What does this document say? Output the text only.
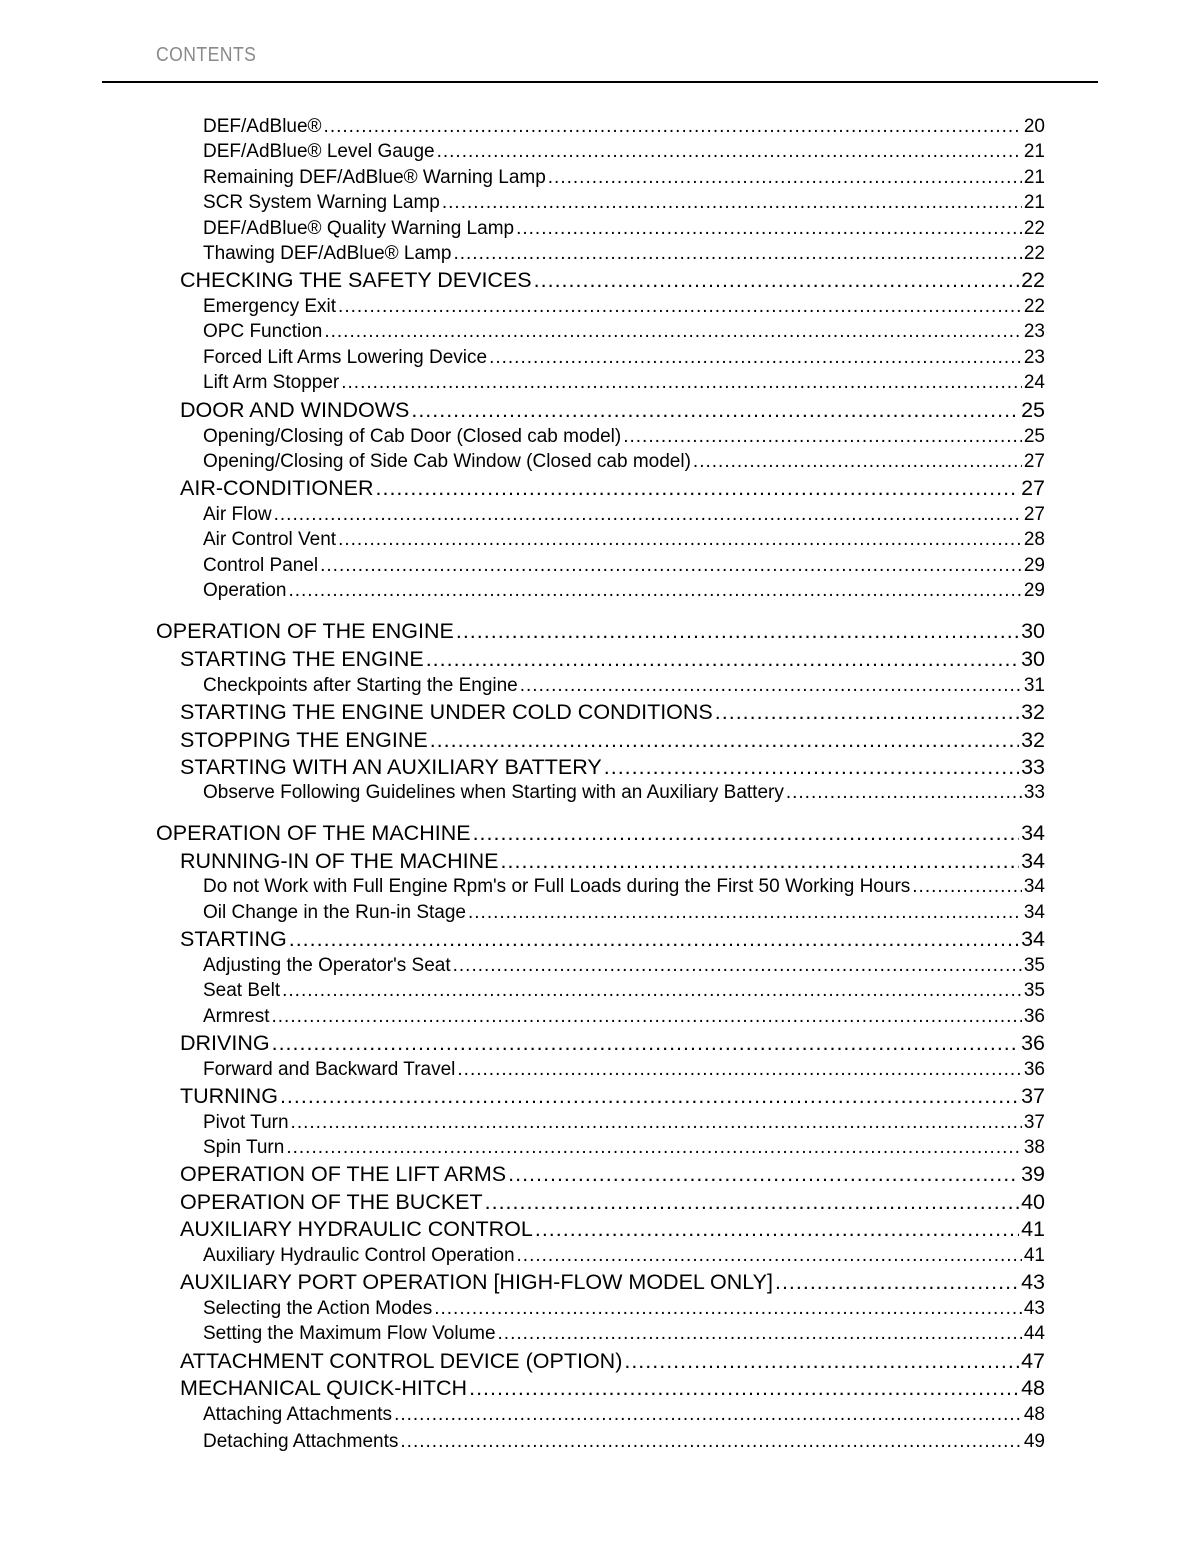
CONTENTS
DEF/AdBlue® .....	20
DEF/AdBlue® Level Gauge .....	21
Remaining DEF/AdBlue® Warning Lamp .....	21
SCR System Warning Lamp .....	21
DEF/AdBlue® Quality Warning Lamp .....	22
Thawing DEF/AdBlue® Lamp .....	22
CHECKING THE SAFETY DEVICES .....	22
Emergency Exit .....	22
OPC Function .....	23
Forced Lift Arms Lowering Device .....	23
Lift Arm Stopper .....	24
DOOR AND WINDOWS .....	25
Opening/Closing of Cab Door (Closed cab model) .....	25
Opening/Closing of Side Cab Window (Closed cab model) .....	27
AIR-CONDITIONER .....	27
Air Flow .....	27
Air Control Vent .....	28
Control Panel .....	29
Operation .....	29
OPERATION OF THE ENGINE .....	30
STARTING THE ENGINE .....	30
Checkpoints after Starting the Engine .....	31
STARTING THE ENGINE UNDER COLD CONDITIONS .....	32
STOPPING THE ENGINE .....	32
STARTING WITH AN AUXILIARY BATTERY .....	33
Observe Following Guidelines when Starting with an Auxiliary Battery .....	33
OPERATION OF THE MACHINE .....	34
RUNNING-IN OF THE MACHINE .....	34
Do not Work with Full Engine Rpm's or Full Loads during the First 50 Working Hours .....	34
Oil Change in the Run-in Stage .....	34
STARTING .....	34
Adjusting the Operator's Seat .....	35
Seat Belt .....	35
Armrest .....	36
DRIVING .....	36
Forward and Backward Travel .....	36
TURNING .....	37
Pivot Turn .....	37
Spin Turn .....	38
OPERATION OF THE LIFT ARMS .....	39
OPERATION OF THE BUCKET .....	40
AUXILIARY HYDRAULIC CONTROL .....	41
Auxiliary Hydraulic Control Operation .....	41
AUXILIARY PORT OPERATION [HIGH-FLOW MODEL ONLY] .....	43
Selecting the Action Modes .....	43
Setting the Maximum Flow Volume .....	44
ATTACHMENT CONTROL DEVICE (OPTION) .....	47
MECHANICAL QUICK-HITCH .....	48
Attaching Attachments .....	48
Detaching Attachments .....	49
